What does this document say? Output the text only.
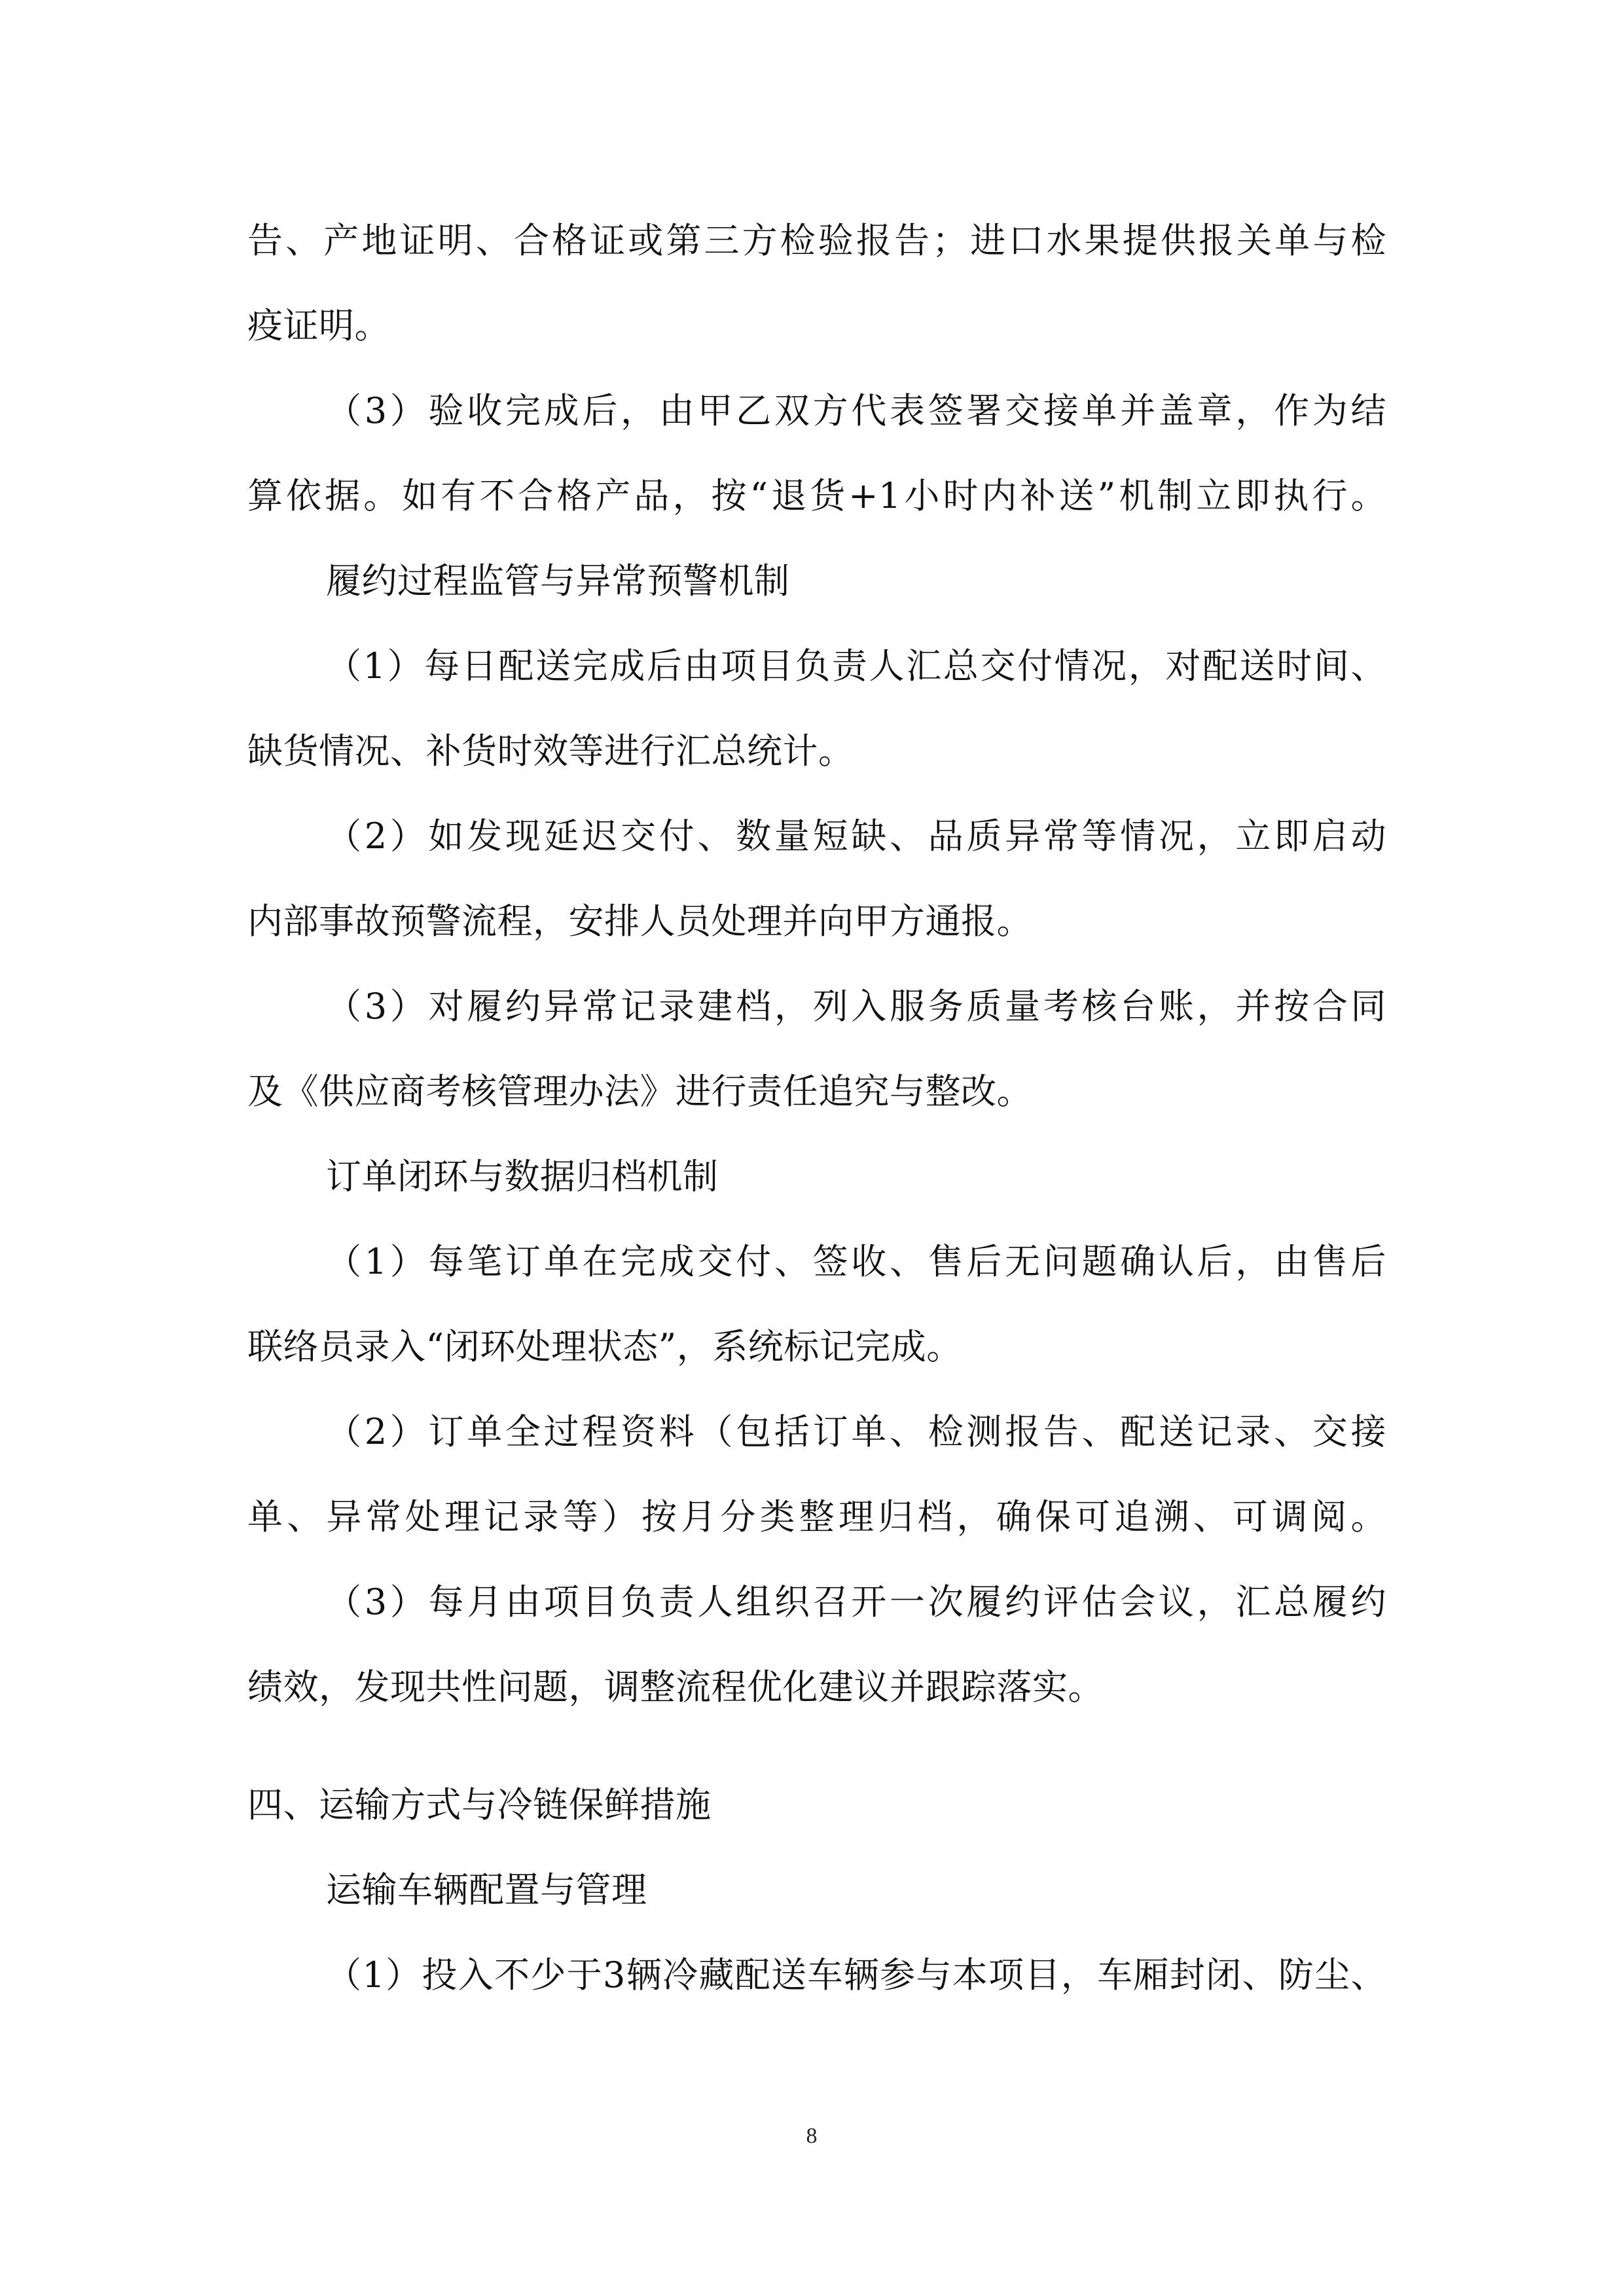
告、产地证明、合格证或第三方检验报告；进口水果提供报关单与检
疫证明。
（3）验收完成后，由甲乙双方代表签署交接单并盖章，作为结
算依据。如有不合格产品，按“退货+1小时内补送”机制立即执行。
履约过程监管与异常预警机制
（1）每日配送完成后由项目负责人汇总交付情况，对配送时间、
缺货情况、补货时效等进行汇总统计。
（2）如发现延迟交付、数量短缺、品质异常等情况，立即启动
内部事故预警流程，安排人员处理并向甲方通报。
（3）对履约异常记录建档，列入服务质量考核台账，并按合同
及《供应商考核管理办法》进行责任追究与整改。
订单闭环与数据归档机制
（1）每笔订单在完成交付、签收、售后无问题确认后，由售后
联络员录入“闭环处理状态”，系统标记完成。
（2）订单全过程资料（包括订单、检测报告、配送记录、交接
单、异常处理记录等）按月分类整理归档，确保可追溯、可调阅。
（3）每月由项目负责人组织召开一次履约评估会议，汇总履约
绩效，发现共性问题，调整流程优化建议并跟踪落实。
四、运输方式与冷链保鲜措施
运输车辆配置与管理
（1）投入不少于3辆冷藏配送车辆参与本项目，车厢封闭、防尘、
8
